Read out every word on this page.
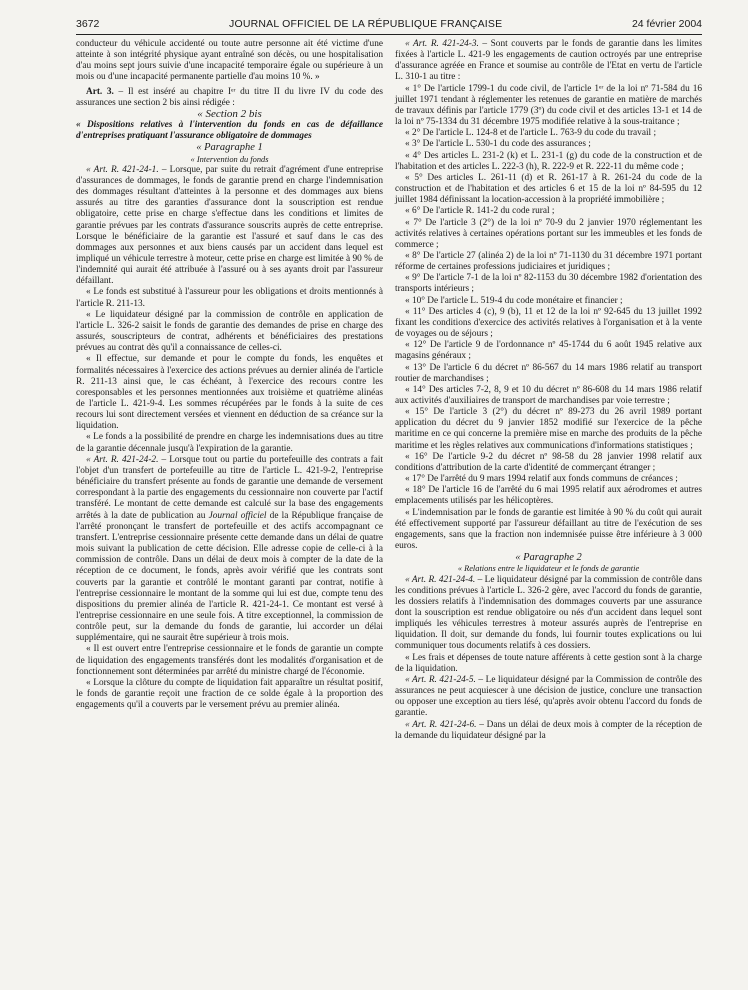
3672	JOURNAL OFFICIEL DE LA RÉPUBLIQUE FRANÇAISE	24 février 2004

conducteur du véhicule accidenté ou toute autre personne ait été victime d'une atteinte à son intégrité physique ayant entraîné son décès, ou une hospitalisation d'au moins sept jours suivie d'une incapacité temporaire égale ou supérieure à un mois ou d'une incapacité permanente partielle d'au moins 10 %. »

Art. 3. – Il est inséré au chapitre Iᵉʳ du titre II du livre IV du code des assurances une section 2 bis ainsi rédigée :

« Section 2 bis

« Dispositions relatives à l'intervention du fonds en cas de défaillance d'entreprises pratiquant l'assurance obligatoire de dommages

« Paragraphe 1

« Intervention du fonds

« Art. R. 421-24-1. – Lorsque, par suite du retrait d'agrément d'une entreprise d'assurances de dommages, le fonds de garantie prend en charge l'indemnisation des dommages résultant d'atteintes à la personne et des dommages aux biens assurés au titre des garanties d'assurance dont la souscription est rendue obligatoire, cette prise en charge s'effectue dans les conditions et limites de garantie prévues par les contrats d'assurance souscrits auprès de cette entreprise. Lorsque le bénéficiaire de la garantie est l'assuré et sauf dans le cas des dommages aux personnes et aux biens causés par un accident dans lequel est impliqué un véhicule terrestre à moteur, cette prise en charge est limitée à 90 % de l'indemnité qui aurait été attribuée à l'assuré ou à ses ayants droit par l'assureur défaillant.

« Le fonds est substitué à l'assureur pour les obligations et droits mentionnés à l'article R. 211-13.

« Le liquidateur désigné par la commission de contrôle en application de l'article L. 326-2 saisit le fonds de garantie des demandes de prise en charge des assurés, souscripteurs de contrat, adhérents et bénéficiaires des prestations prévues au contrat dès qu'il a connaissance de celles-ci.

« Il effectue, sur demande et pour le compte du fonds, les enquêtes et formalités nécessaires à l'exercice des actions prévues au dernier alinéa de l'article R. 211-13 ainsi que, le cas échéant, à l'exercice des recours contre les coresponsables et les personnes mentionnées aux troisième et quatrième alinéas de l'article L. 421-9-4. Les sommes récupérées par le fonds à la suite de ces recours lui sont directement versées et viennent en déduction de sa créance sur la liquidation.

« Le fonds a la possibilité de prendre en charge les indemnisations dues au titre de la garantie décennale jusqu'à l'expiration de la garantie.

« Art. R. 421-24-2. – Lorsque tout ou partie du portefeuille des contrats a fait l'objet d'un transfert de portefeuille au titre de l'article L. 421-9-2, l'entreprise bénéficiaire du transfert présente au fonds de garantie une demande de versement correspondant à la partie des engagements du cessionnaire non couverte par l'actif transféré. Le montant de cette demande est calculé sur la base des engagements arrêtés à la date de publication au Journal officiel de la République française de l'arrêté prononçant le transfert de portefeuille et des actifs accompagnant ce transfert. L'entreprise cessionnaire présente cette demande dans un délai de quatre mois suivant la publication de cette décision. Elle adresse copie de celle-ci à la commission de contrôle. Dans un délai de deux mois à compter de la date de la réception de ce document, le fonds, après avoir vérifié que les contrats sont couverts par la garantie et contrôlé le montant garanti par contrat, notifie à l'entreprise cessionnaire le montant de la somme qui lui est due, compte tenu des dispositions du premier alinéa de l'article R. 421-24-1. Ce montant est versé à l'entreprise cessionnaire en une seule fois. A titre exceptionnel, la commission de contrôle peut, sur la demande du fonds de garantie, lui accorder un délai supplémentaire, qui ne saurait être supérieur à trois mois.

« Il est ouvert entre l'entreprise cessionnaire et le fonds de garantie un compte de liquidation des engagements transférés dont les modalités d'organisation et de fonctionnement sont déterminées par arrêté du ministre chargé de l'économie.

« Lorsque la clôture du compte de liquidation fait apparaître un résultat positif, le fonds de garantie reçoit une fraction de ce solde égale à la proportion des engagements qu'il a couverts par le versement prévu au premier alinéa.

« Art. R. 421-24-3. – Sont couverts par le fonds de garantie dans les limites fixées à l'article L. 421-9 les engagements de caution octroyés par une entreprise d'assurance agréée en France et soumise au contrôle de l'Etat en vertu de l'article L. 310-1 au titre :

« 1° De l'article 1799-1 du code civil, de l'article 1ᵉʳ de la loi nº 71-584 du 16 juillet 1971 tendant à réglementer les retenues de garantie en matière de marchés de travaux définis par l'article 1779 (3º) du code civil et des articles 13-1 et 14 de la loi nº 75-1334 du 31 décembre 1975 modifiée relative à la sous-traitance ;

« 2° De l'article L. 124-8 et de l'article L. 763-9 du code du travail ;

« 3° De l'article L. 530-1 du code des assurances ;

« 4° Des articles L. 231-2 (k) et L. 231-1 (g) du code de la construction et de l'habitation et des articles L. 222-3 (h), R. 222-9 et R. 222-11 du même code ;

« 5° Des articles L. 261-11 (d) et R. 261-17 à R. 261-24 du code de la construction et de l'habitation et des articles 6 et 15 de la loi nº 84-595 du 12 juillet 1984 définissant la location-accession à la propriété immobilière ;

« 6° De l'article R. 141-2 du code rural ;

« 7° De l'article 3 (2°) de la loi nº 70-9 du 2 janvier 1970 réglementant les activités relatives à certaines opérations portant sur les immeubles et les fonds de commerce ;

« 8° De l'article 27 (alinéa 2) de la loi nº 71-1130 du 31 décembre 1971 portant réforme de certaines professions judiciaires et juridiques ;

« 9° De l'article 7-1 de la loi nº 82-1153 du 30 décembre 1982 d'orientation des transports intérieurs ;

« 10° De l'article L. 519-4 du code monétaire et financier ;

« 11° Des articles 4 (c), 9 (b), 11 et 12 de la loi nº 92-645 du 13 juillet 1992 fixant les conditions d'exercice des activités relatives à l'organisation et à la vente de voyages ou de séjours ;

« 12° De l'article 9 de l'ordonnance nº 45-1744 du 6 août 1945 relative aux magasins généraux ;

« 13° De l'article 6 du décret nº 86-567 du 14 mars 1986 relatif au transport routier de marchandises ;

« 14° Des articles 7-2, 8, 9 et 10 du décret nº 86-608 du 14 mars 1986 relatif aux activités d'auxiliaires de transport de marchandises par voie terrestre ;

« 15° De l'article 3 (2°) du décret nº 89-273 du 26 avril 1989 portant application du décret du 9 janvier 1852 modifié sur l'exercice de la pêche maritime en ce qui concerne la première mise en marche des produits de la pêche maritime et les règles relatives aux communications d'informations statistiques ;

« 16° De l'article 9-2 du décret nº 98-58 du 28 janvier 1998 relatif aux conditions d'attribution de la carte d'identité de commerçant étranger ;

« 17° De l'arrêté du 9 mars 1994 relatif aux fonds communs de créances ;

« 18° De l'article 16 de l'arrêté du 6 mai 1995 relatif aux aérodromes et autres emplacements utilisés par les hélicoptères.

« L'indemnisation par le fonds de garantie est limitée à 90 % du coût qui aurait été effectivement supporté par l'assureur défaillant au titre de l'exécution de ses engagements, sans que la fraction non indemnisée puisse être inférieure à 3 000 euros.

« Paragraphe 2

« Relations entre le liquidateur et le fonds de garantie

« Art. R. 421-24-4. – Le liquidateur désigné par la commission de contrôle dans les conditions prévues à l'article L. 326-2 gère, avec l'accord du fonds de garantie, les dossiers relatifs à l'indemnisation des dommages couverts par une assurance dont la souscription est rendue obligatoire ou nés d'un accident dans lequel sont impliqués les véhicules terrestres à moteur assurés auprès de l'entreprise en liquidation. Il doit, sur demande du fonds, lui fournir toutes explications ou lui communiquer tous documents relatifs à ces dossiers.

« Les frais et dépenses de toute nature afférents à cette gestion sont à la charge de la liquidation.

« Art. R. 421-24-5. – Le liquidateur désigné par la Commission de contrôle des assurances ne peut acquiescer à une décision de justice, conclure une transaction ou opposer une exception au tiers lésé, qu'après avoir obtenu l'accord du fonds de garantie.

« Art. R. 421-24-6. – Dans un délai de deux mois à compter de la réception de la demande du liquidateur désigné par la
